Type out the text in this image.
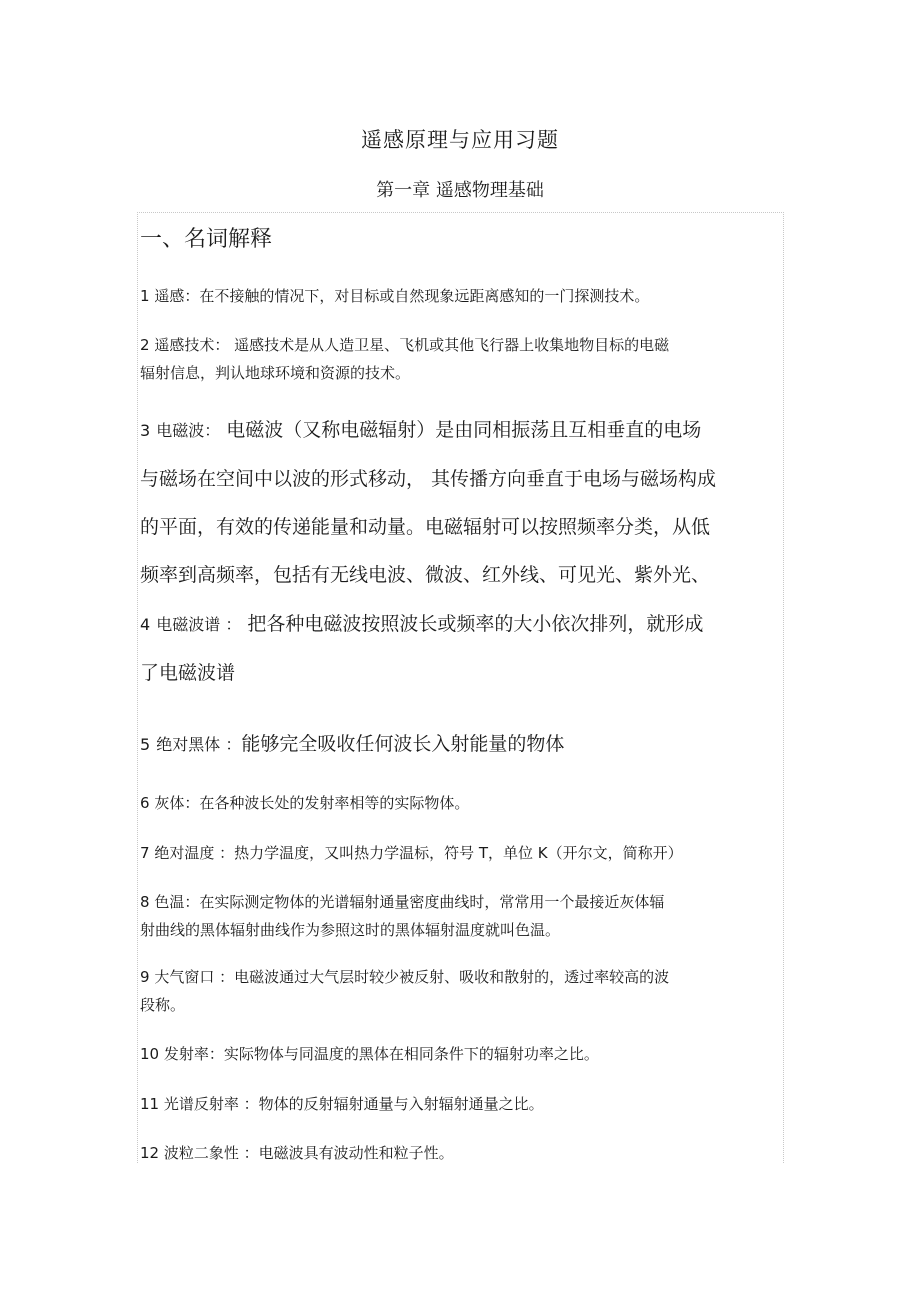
遥感原理与应用习题
第一章 遥感物理基础
一、名词解释
1 遥感：在不接触的情况下，对目标或自然现象远距离感知的一门探测技术。
2 遥感技术： 遥感技术是从人造卫星、飞机或其他飞行器上收集地物目标的电磁
辐射信息，判认地球环境和资源的技术。
3 电磁波： 电磁波（又称电磁辐射）是由同相振荡且互相垂直的电场
与磁场在空间中以波的形式移动， 其传播方向垂直于电场与磁场构成
的平面，有效的传递能量和动量。电磁辐射可以按照频率分类，从低
频率到高频率，包括有无线电波、微波、红外线、可见光、紫外光、
4 电磁波谱 ： 把各种电磁波按照波长或频率的大小依次排列，就形成
了电磁波谱
5 绝对黑体 ：能够完全吸收任何波长入射能量的物体
6 灰体：在各种波长处的发射率相等的实际物体。
7 绝对温度 ：热力学温度，又叫热力学温标，符号 T，单位 K（开尔文，简称开）
8 色温：在实际测定物体的光谱辐射通量密度曲线时，常常用一个最接近灰体辐
射曲线的黑体辐射曲线作为参照这时的黑体辐射温度就叫色温。
9 大气窗口 ：电磁波通过大气层时较少被反射、吸收和散射的，透过率较高的波
段称。
10 发射率：实际物体与同温度的黑体在相同条件下的辐射功率之比。
11 光谱反射率 ：物体的反射辐射通量与入射辐射通量之比。
12 波粒二象性 ：电磁波具有波动性和粒子性。
